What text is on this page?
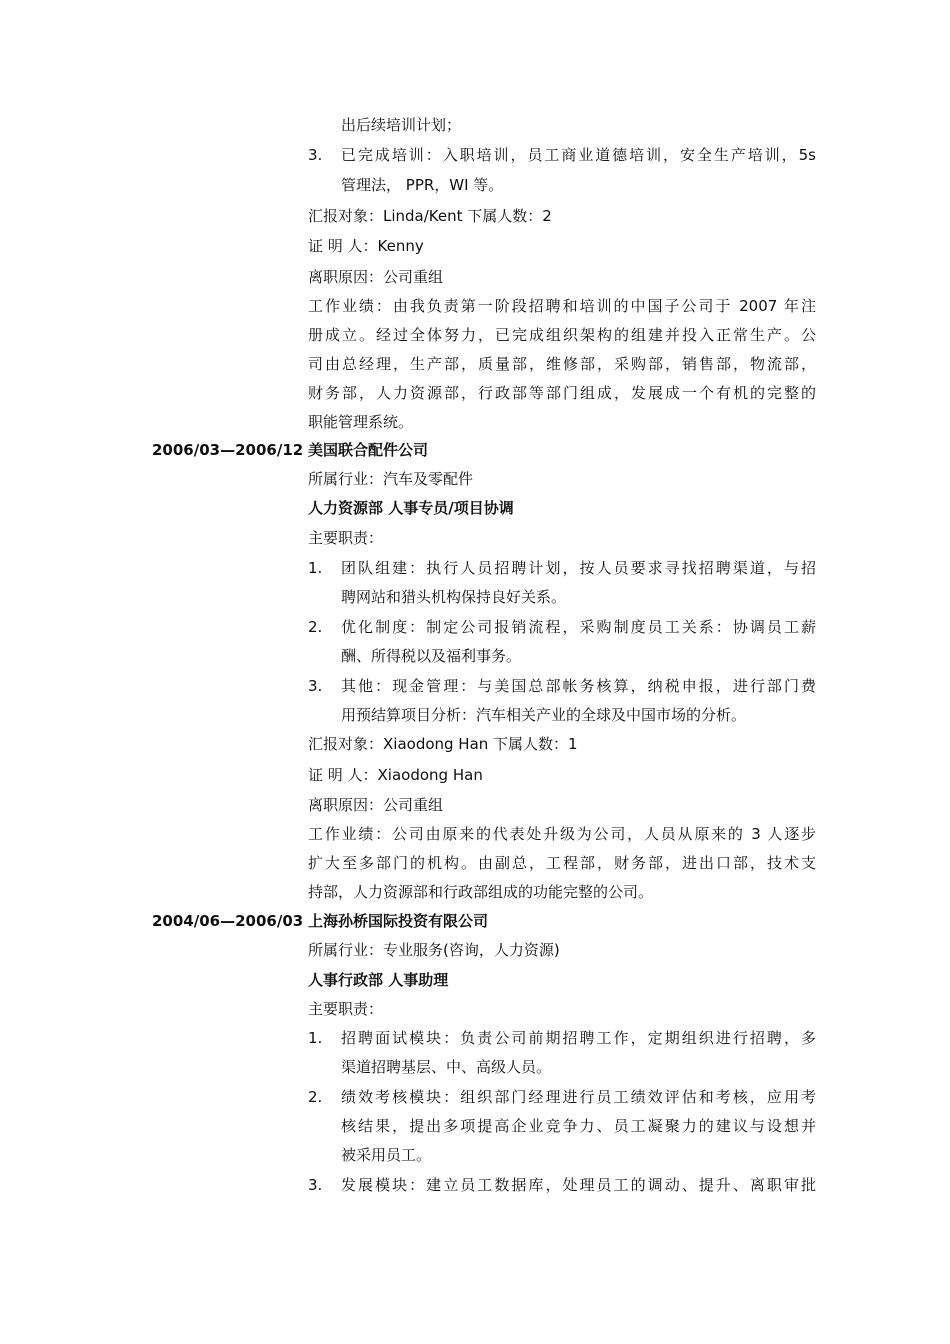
出后续培训计划；
3. 已完成培训：入职培训，员工商业道德培训，安全生产培训，5s
管理法， PPR，WI 等。
汇报对象：Linda/Kent 下属人数：2
证 明 人：Kenny
离职原因：公司重组
工作业绩：由我负责第一阶段招聘和培训的中国子公司于 2007 年注
册成立。经过全体努力，已完成组织架构的组建并投入正常生产。公
司由总经理，生产部，质量部，维修部，采购部，销售部，物流部，
财务部，人力资源部，行政部等部门组成，发展成一个有机的完整的
职能管理系统。
2006/03—2006/12 美国联合配件公司
所属行业：汽车及零配件
人力资源部 人事专员/项目协调
主要职责：
1. 团队组建：执行人员招聘计划，按人员要求寻找招聘渠道，与招
聘网站和猎头机构保持良好关系。
2. 优化制度：制定公司报销流程，采购制度员工关系：协调员工薪
酬、所得税以及福利事务。
3. 其他：现金管理：与美国总部帐务核算，纳税申报，进行部门费
用预结算项目分析：汽车相关产业的全球及中国市场的分析。
汇报对象：Xiaodong Han 下属人数：1
证 明 人：Xiaodong Han
离职原因：公司重组
工作业绩：公司由原来的代表处升级为公司，人员从原来的 3 人逐步
扩大至多部门的机构。由副总，工程部，财务部，进出口部，技术支
持部，人力资源部和行政部组成的功能完整的公司。
2004/06—2006/03 上海孙桥国际投资有限公司
所属行业：专业服务(咨询，人力资源)
人事行政部 人事助理
主要职责：
1. 招聘面试模块：负责公司前期招聘工作，定期组织进行招聘，多
渠道招聘基层、中、高级人员。
2. 绩效考核模块：组织部门经理进行员工绩效评估和考核，应用考
核结果，提出多项提高企业竞争力、员工凝聚力的建议与设想并
被采用员工。
3. 发展模块：建立员工数据库，处理员工的调动、提升、离职审批
